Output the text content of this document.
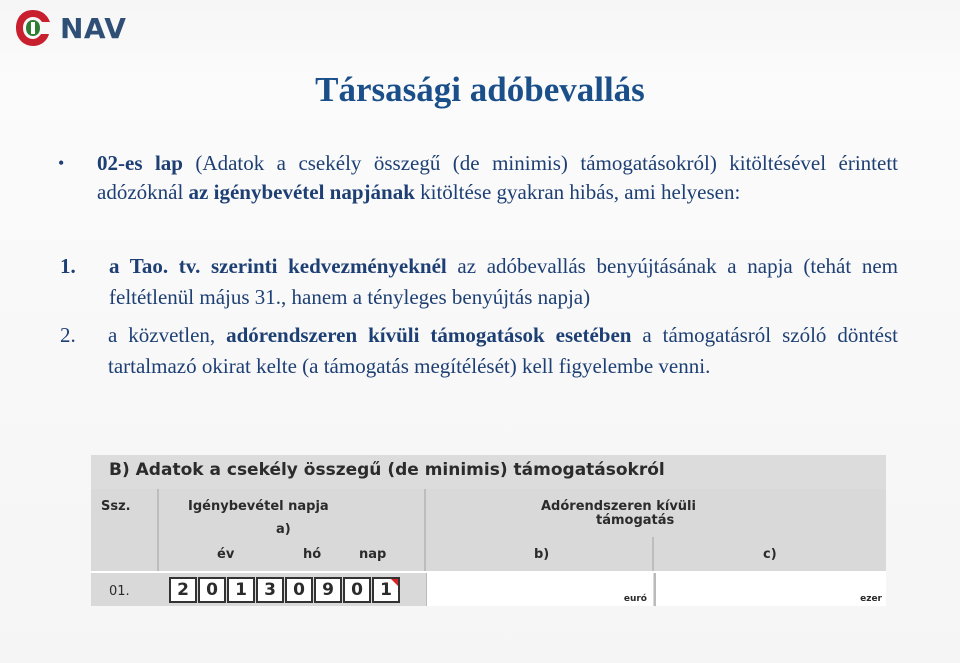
NAV
Társasági adóbevallás
•	02-es lap (Adatok a csekély összegű (de minimis) támogatásokról) kitöltésével érintett adózóknál az igénybevétel napjának kitöltése gyakran hibás, ami helyesen:
1.	a Tao. tv. szerinti kedvezményeknél az adóbevallás benyújtásának a napja (tehát nem feltétlenül május 31., hanem a tényleges benyújtás napja)
2.	a közvetlen, adórendszeren kívüli támogatások esetében a támogatásról szóló döntést tartalmazó okirat kelte (a támogatás megítélését) kell figyelembe venni.
B) Adatok a csekély összegű (de minimis) támogatásokról
Ssz.	Igénybevétel napja
a)
év	hó	nap
Adórendszeren kívüli
támogatás
b)	c)
01.	2	0	1	3	0	9	0	1	euró	ezer
